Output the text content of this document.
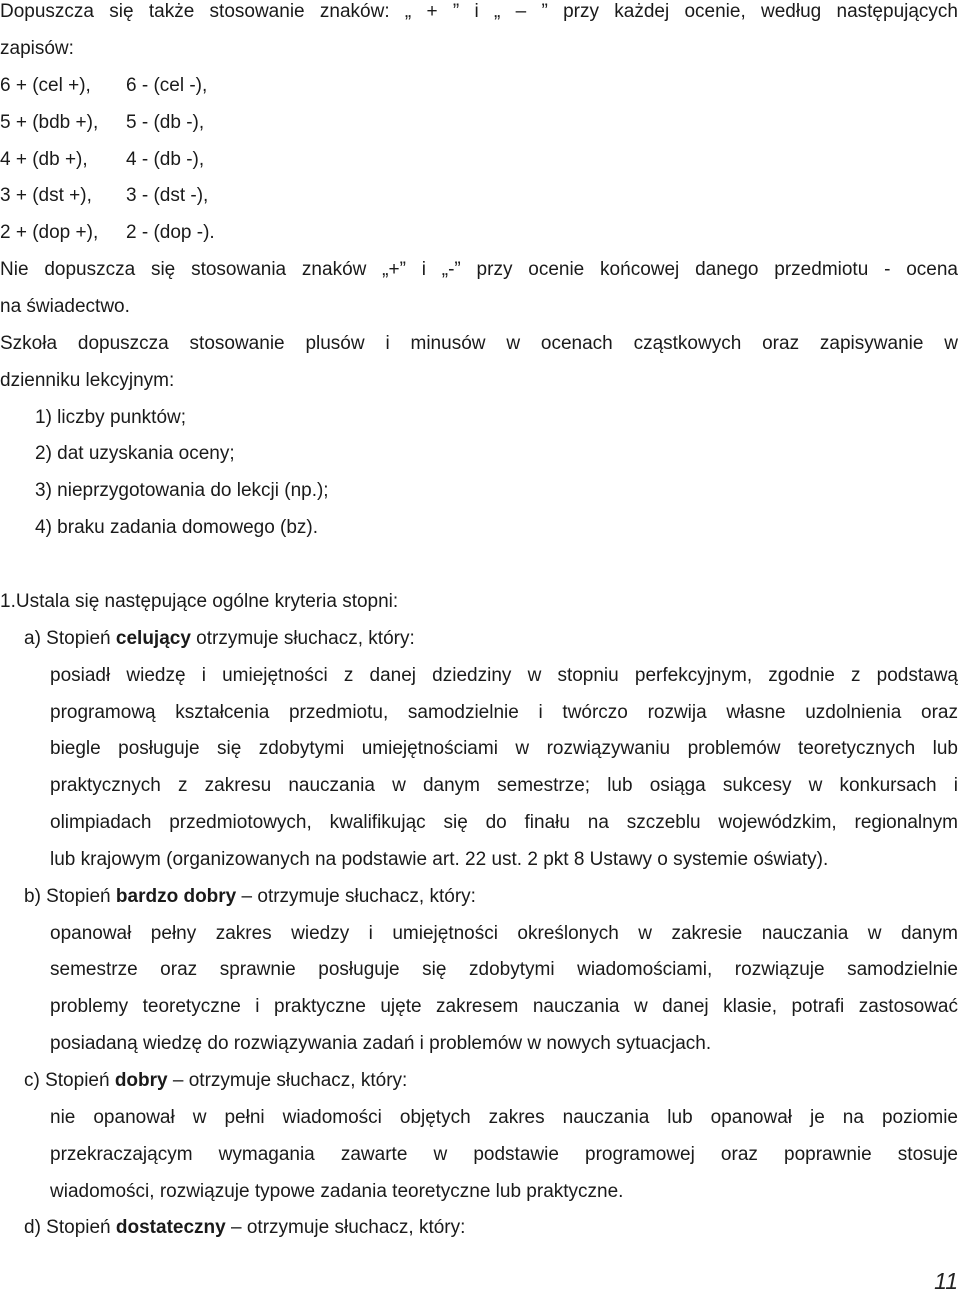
Dopuszcza się także stosowanie znaków: „ + ” i „ – ” przy każdej ocenie, według następujących
zapisów:
6 + (cel +), 6 - (cel -),
5 + (bdb +), 5 - (db -),
4 + (db +), 4 - (db -),
3 + (dst +), 3 - (dst -),
2 + (dop +), 2 - (dop -).
Nie dopuszcza się stosowania znaków „+” i „-” przy ocenie końcowej danego przedmiotu - ocena
na świadectwo.
Szkoła dopuszcza stosowanie plusów i minusów w ocenach cząstkowych oraz zapisywanie w
dzienniku lekcyjnym:
1) liczby punktów;
2) dat uzyskania oceny;
3) nieprzygotowania do lekcji (np.);
4) braku zadania domowego (bz).
1.Ustala się następujące ogólne kryteria stopni:
a) Stopień celujący otrzymuje słuchacz, który:
posiadł wiedzę i umiejętności z danej dziedziny w stopniu perfekcyjnym, zgodnie z podstawą
programową kształcenia przedmiotu, samodzielnie i twórczo rozwija własne uzdolnienia oraz
biegle posługuje się zdobytymi umiejętnościami w rozwiązywaniu problemów teoretycznych lub
praktycznych z zakresu nauczania w danym semestrze; lub osiąga sukcesy w konkursach i
olimpiadach przedmiotowych, kwalifikując się do finału na szczeblu wojewódzkim, regionalnym
lub krajowym (organizowanych na podstawie art. 22 ust. 2 pkt 8 Ustawy o systemie oświaty).
b) Stopień bardzo dobry – otrzymuje słuchacz, który:
opanował pełny zakres wiedzy i umiejętności określonych w zakresie nauczania w danym
semestrze oraz sprawnie posługuje się zdobytymi wiadomościami, rozwiązuje samodzielnie
problemy teoretyczne i praktyczne ujęte zakresem nauczania w danej klasie, potrafi zastosować
posiadaną wiedzę do rozwiązywania zadań i problemów w nowych sytuacjach.
c) Stopień dobry – otrzymuje słuchacz, który:
nie opanował w pełni wiadomości objętych zakres nauczania lub opanował je na poziomie
przekraczającym wymagania zawarte w podstawie programowej oraz poprawnie stosuje
wiadomości, rozwiązuje typowe zadania teoretyczne lub praktyczne.
d) Stopień dostateczny – otrzymuje słuchacz, który:
11
